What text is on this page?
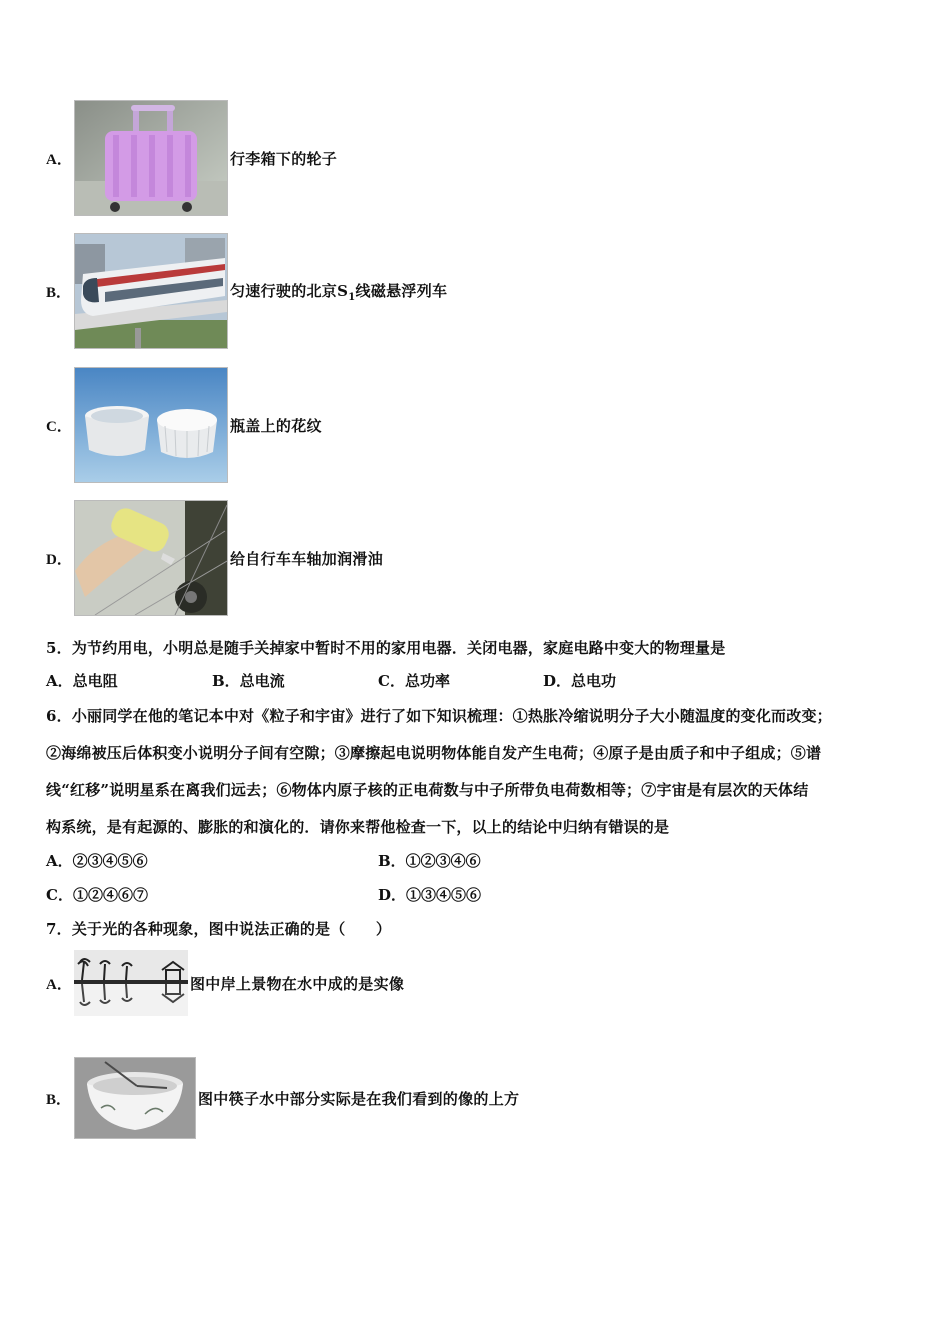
A．	行李箱下的轮子
B．	匀速行驶的北京$S_1$线磁悬浮列车
C．	瓶盖上的花纹
D．	给自行车车轴加润滑油
5．为节约用电，小明总是随手关掉家中暂时不用的家用电器．关闭电器，家庭电路中变大的物理量是
A．总电阻	B．总电流	C．总功率	D．总电功
6．小丽同学在他的笔记本中对《粒子和宇宙》进行了如下知识梳理：①热胀冷缩说明分子大小随温度的变化而改变；
②海绵被压后体积变小说明分子间有空隙；③摩擦起电说明物体能自发产生电荷；④原子是由质子和中子组成；⑤谱
线“红移”说明星系在离我们远去；⑥物体内原子核的正电荷数与中子所带负电荷数相等；⑦宇宙是有层次的天体结
构系统，是有起源的、膨胀的和演化的．请你来帮他检查一下，以上的结论中归纳有错误的是
A．②③④⑤⑥	B．①②③④⑥
C．①②④⑥⑦	D．①③④⑤⑥
7．关于光的各种现象，图中说法正确的是（　　）
A．	图中岸上景物在水中成的是实像
B．	图中筷子水中部分实际是在我们看到的像的上方
